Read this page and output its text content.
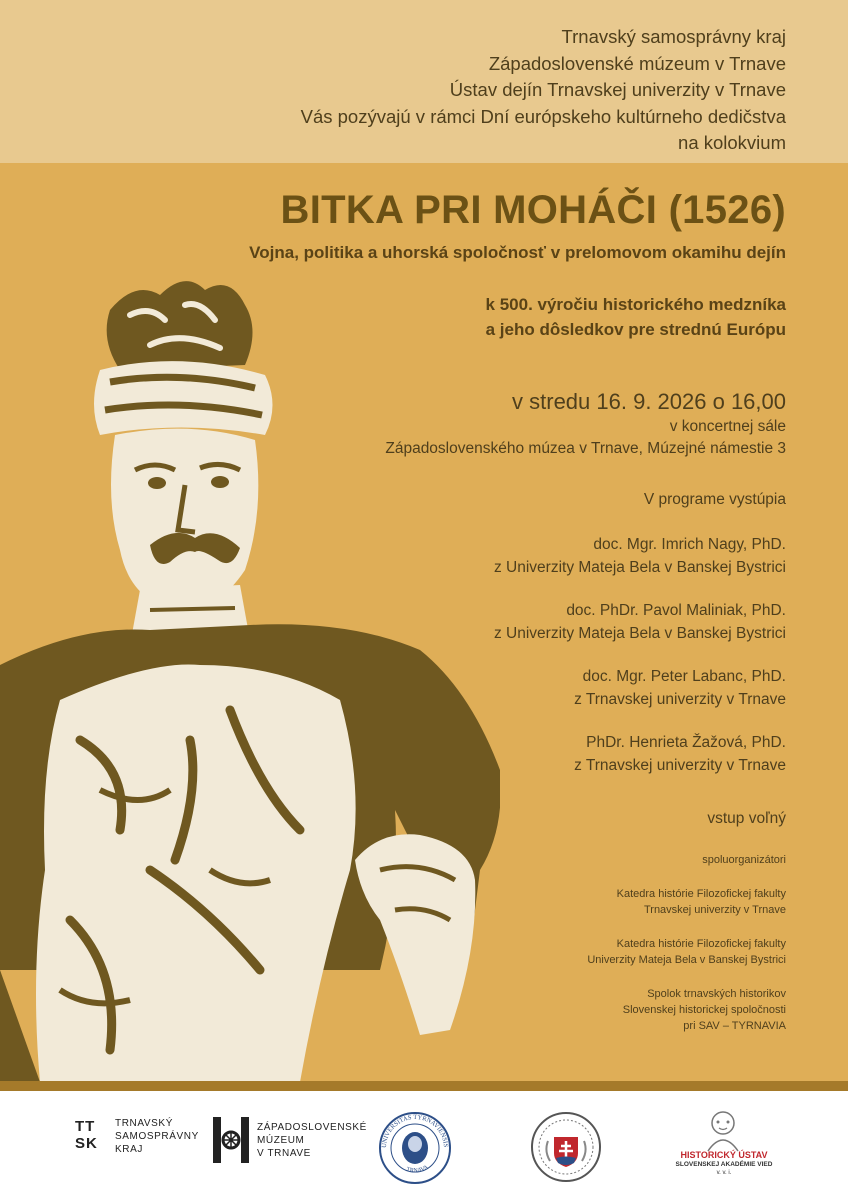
Trnavský samosprávny kraj
Západoslovenské múzeum v Trnave
Ústav dejín Trnavskej univerzity v Trnave
Vás pozývajú v rámci Dní európskeho kultúrneho dedičstva
na kolokvium
BITKA PRI MOHÁČI (1526)
Vojna, politika a uhorská spoločnosť v prelomovom okamihu dejín
k 500. výročiu historického medzníka
a jeho dôsledkov pre strednú Európu
v stredu 16. 9. 2026 o 16,00
v koncertnej sále
Západoslovenského múzea v Trnave, Múzejné námestie 3
V programe vystúpia
doc. Mgr. Imrich Nagy, PhD.
z Univerzity Mateja Bela v Banskej Bystrici
doc. PhDr. Pavol Maliniak, PhD.
z Univerzity Mateja Bela v Banskej Bystrici
doc. Mgr. Peter Labanc, PhD.
z Trnavskej univerzity v Trnave
PhDr. Henrieta Žažová, PhD.
z Trnavskej univerzity v Trnave
vstup voľný
spoluorganizátori
Katedra histórie Filozofickej fakulty
Trnavskej univerzity v Trnave
Katedra histórie Filozofickej fakulty
Univerzity Mateja Bela v Banskej Bystrici
Spolok trnavských historikov
Slovenskej historickej spoločnosti
pri SAV – TYRNAVIA
TT
SK
TRNAVSKÝ
SAMOSPRÁVNY
KRAJ
ZÁPADOSLOVENSKÉ
MÚZEUM
V TRNAVE
UNIVERSITAS TYRNAVIENSIS
TRNAVA
HISTORICKÝ ÚSTAV
SLOVENSKEJ AKADÉMIE VIED
v. v. i.
